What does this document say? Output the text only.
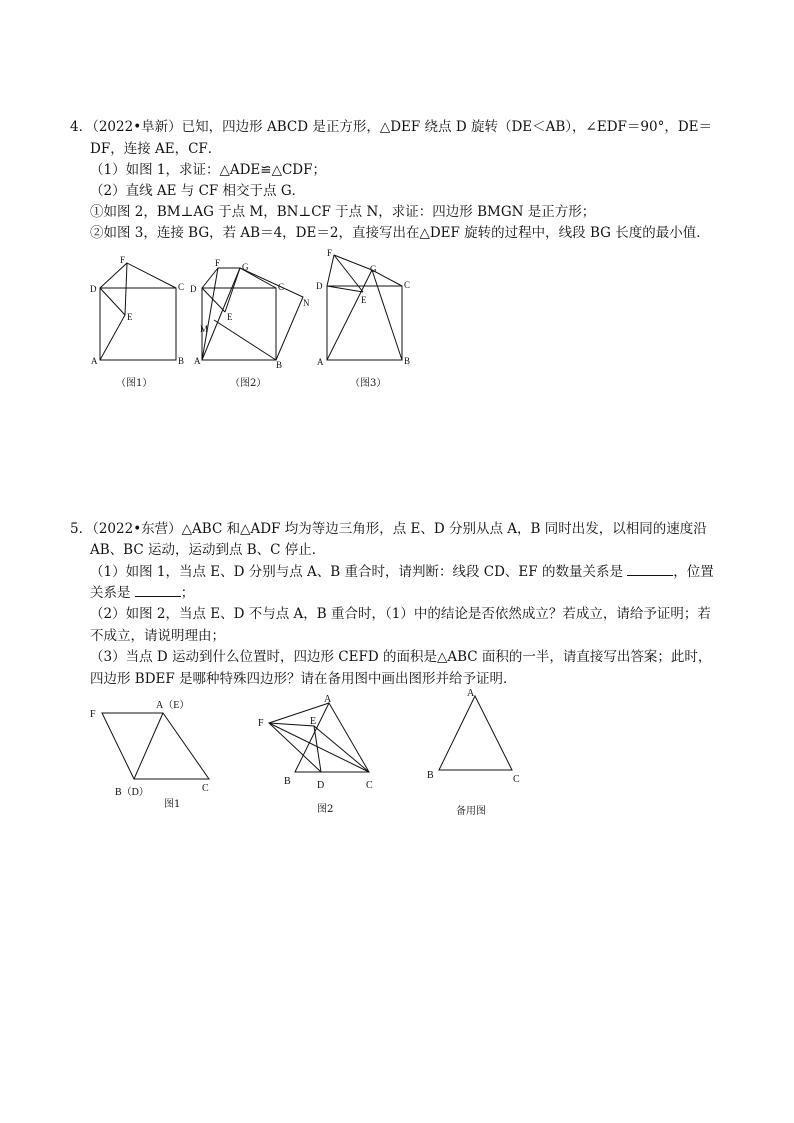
4．（2022•阜新）已知，四边形 ABCD 是正方形，△DEF 绕点 D 旋转（DE＜AB），∠EDF＝90°，DE＝
DF，连接 AE，CF．
（1）如图 1，求证：△ADE≌△CDF；
（2）直线 AE 与 CF 相交于点 G．
①如图 2，BM⊥AG 于点 M，BN⊥CF 于点 N，求证：四边形 BMGN 是正方形；
②如图 3，连接 BG，若 AB＝4，DE＝2，直接写出在△DEF 旋转的过程中，线段 BG 长度的最小值．
F
D	C
E
A	B
（图1）
F G
D	C
N
E
M
A	B
（图2）
F
G
D	C
E
A	B
（图3）
5．（2022•东营）△ABC 和△ADF 均为等边三角形，点 E、D 分别从点 A，B 同时出发，以相同的速度沿
AB、BC 运动，运动到点 B、C 停止．
（1）如图 1，当点 E、D 分别与点 A、B 重合时，请判断：线段 CD、EF 的数量关系是	，位置
关系是	；
（2）如图 2，当点 E、D 不与点 A，B 重合时，（1）中的结论是否依然成立？若成立，请给予证明；若
不成立，请说明理由；
（3）当点 D 运动到什么位置时，四边形 CEFD 的面积是△ABC 面积的一半，请直接写出答案；此时，
四边形 BDEF 是哪种特殊四边形？请在备用图中画出图形并给予证明．
F
A（E）
B（D）	C
图1
A
E
F
B	D	C
图2
A
B	C
备用图
